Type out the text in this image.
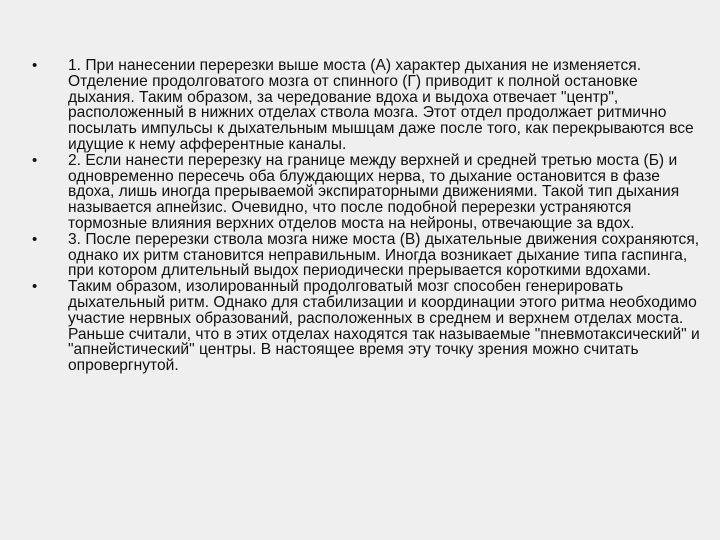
• 1. При нанесении перерезки выше моста (А) характер дыхания не изменяется. Отделение продолговатого мозга от спинного (Г) приводит к полной остановке дыхания. Таким образом, за чередование вдоха и выдоха отвечает "центр", расположенный в нижних отделах ствола мозга. Этот отдел продолжает ритмично посылать импульсы к дыхательным мышцам даже после того, как перекрываются все идущие к нему афферентные каналы.
• 2. Если нанести перерезку на границе между верхней и средней третью моста (Б) и одновременно пересечь оба блуждающих нерва, то дыхание остановится в фазе вдоха, лишь иногда прерываемой экспираторными движениями. Такой тип дыхания называется апнейзис. Очевидно, что после подобной перерезки устраняются тормозные влияния верхних отделов моста на нейроны, отвечающие за вдох.
• 3. После перерезки ствола мозга ниже моста (В) дыхательные движения сохраняются, однако их ритм становится неправильным. Иногда возникает дыхание типа гаспинга, при котором длительный выдох периодически прерывается короткими вдохами.
• Таким образом, изолированный продолговатый мозг способен генерировать дыхательный ритм. Однако для стабилизации и координации этого ритма необходимо участие нервных образований, расположенных в среднем и верхнем отделах моста. Раньше считали, что в этих отделах находятся так называемые "пневмотаксический" и "апнейстический" центры. В настоящее время эту точку зрения можно считать опровергнутой.
